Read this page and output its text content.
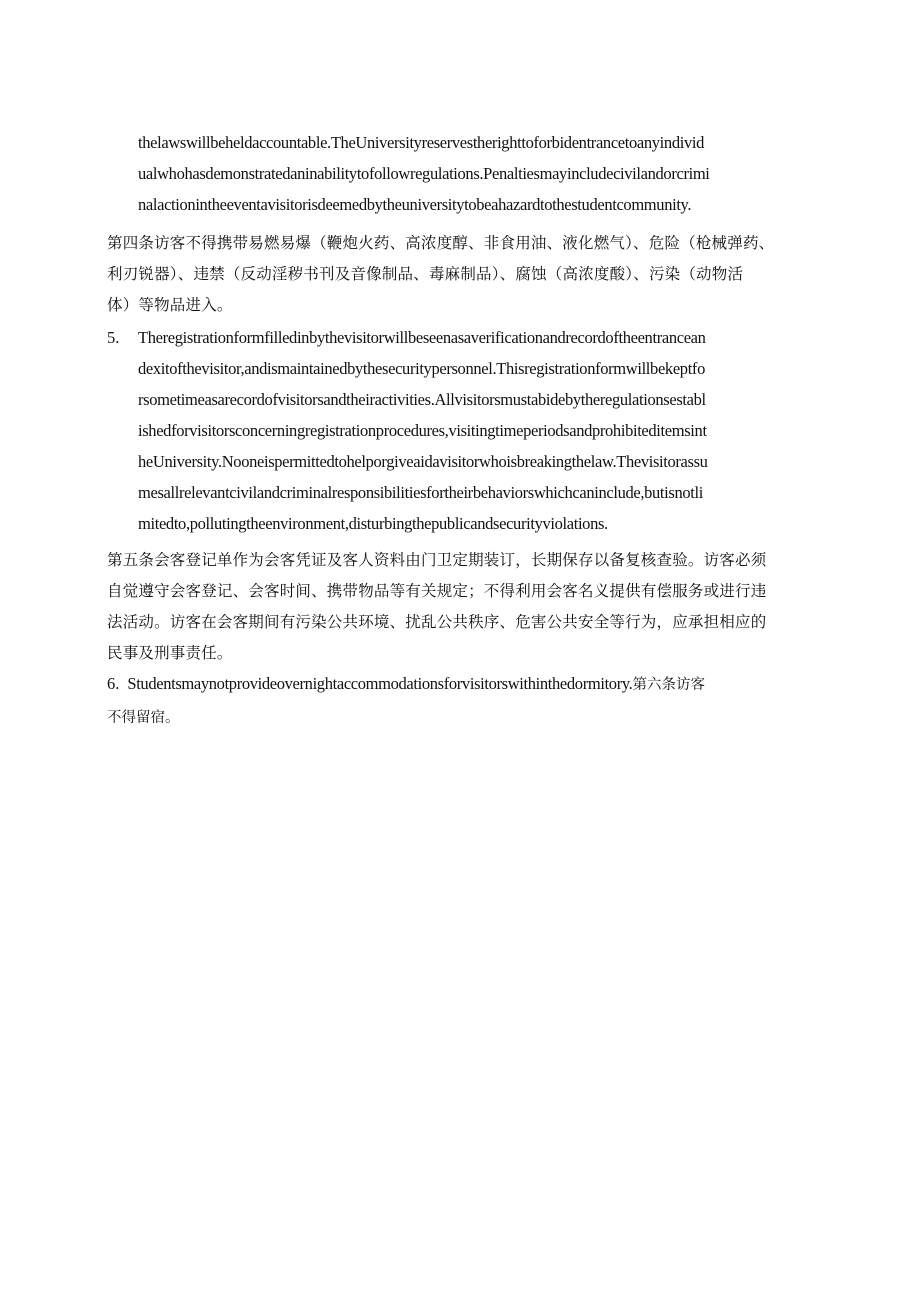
thelawswillbeheldaccountable.TheUniversityreservestherighttoforbidentrancetoanyindivid
ualwhohasdemonstratedaninabilitytofollowregulations.Penaltiesmayincludecivilandorcrimi
nalactionintheeventavisitorisdeemedbytheuniversitytobeahazardtothestudentcommunity.
第四条访客不得携带易燃易爆（鞭炮火药、高浓度醇、非食用油、液化燃气）、危险（枪械弹药、
利刃锐器）、违禁（反动淫秽书刊及音像制品、毒麻制品）、腐蚀（高浓度酸）、污染（动物活
体）等物品进入。
5. Theregistrationformfilledinbythevisitorwillbeseenasaverificationandrecordoftheentrancean
dexitofthevisitor,andismaintainedbythesecuritypersonnel.Thisregistrationformwillbekeptfo
rsometimeasarecordofvisitorsandtheiractivities.Allvisitorsmustabidebytheregulationsestabl
ishedforvisitorsconcerningregistrationprocedures,visitingtimeperiodsandprohibiteditemsint
heUniversity.Nooneispermittedtohelporgiveaidavisitorwhoisbreakingthelaw.Thevisitorassu
mesallrelevantcivilandcriminalresponsibilitiesfortheirbehaviorswhichcaninclude,butisnotli
mitedto,pollutingtheenvironment,disturbingthepublicandsecurityviolations.
第五条会客登记单作为会客凭证及客人资料由门卫定期装订，长期保存以备复核查验。访客必须
自觉遵守会客登记、会客时间、携带物品等有关规定；不得利用会客名义提供有偿服务或进行违
法活动。访客在会客期间有污染公共环境、扰乱公共秩序、危害公共安全等行为，应承担相应的
民事及刑事责任。
6. Studentsmaynotprovideovernightaccommodationsforvisitorswithinthedormitory.第六条访客
不得留宿。
